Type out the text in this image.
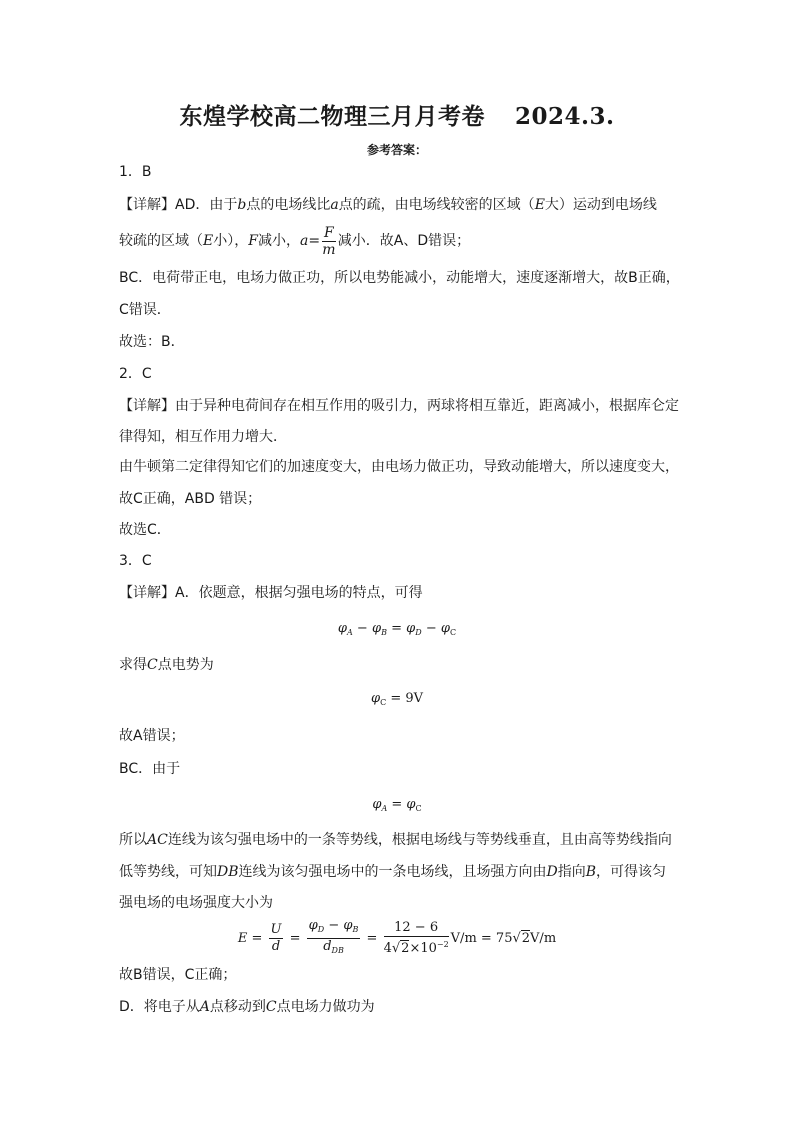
东煌学校高二物理三月月考卷 2024.3.
参考答案：
1．B
【详解】AD．由于b点的电场线比a点的疏，由电场线较密的区域（E大）运动到电场线
较疏的区域（E小），F减小，$a= \frac{F}{m}$ 减小．故A、D错误；
BC．电荷带正电，电场力做正功，所以电势能减小，动能增大，速度逐渐增大，故B正确，
C错误．
故选：B．
2．C
【详解】由于异种电荷间存在相互作用的吸引力，两球将相互靠近，距离减小，根据库仑定
律得知，相互作用力增大．
由牛顿第二定律得知它们的加速度变大，由电场力做正功，导致动能增大，所以速度变大，
故C正确，ABD 错误；
故选C．
3．C
【详解】A．依题意，根据匀强电场的特点，可得
$\varphi_A - \varphi_B = \varphi_D - \varphi_C$
求得C点电势为
$\varphi_C = 9V$
故A错误；
BC．由于
$\varphi_A = \varphi_C$
所以AC连线为该匀强电场中的一条等势线，根据电场线与等势线垂直，且由高等势线指向
低等势线，可知DB连线为该匀强电场中的一条电场线，且场强方向由D指向B，可得该匀
强电场的电场强度大小为
$E = \frac{U}{d} = \frac{\varphi_D - \varphi_B}{d_{DB}} = \frac{12 - 6}{4√2\times 10^{-2}} V/m = 75√2V/m$
故B错误，C正确；
D．将电子从A点移动到C点电场力做功为
